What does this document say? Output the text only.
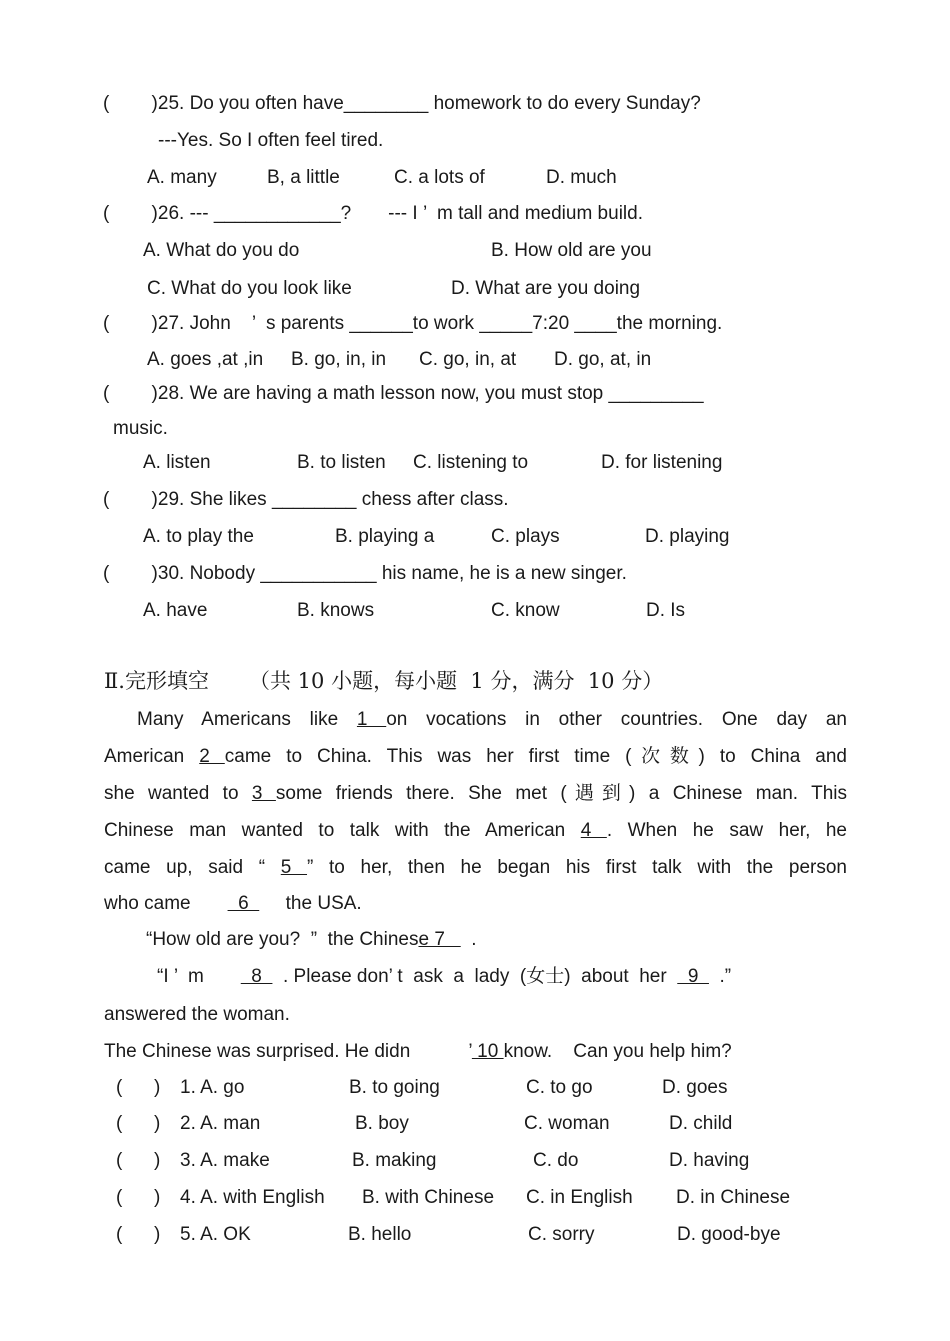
(        )25. Do you often have________ homework to do every Sunday?
---Yes. So I often feel tired.
A. many	B, a little	C. a lots of	D. much
(        )26. --- ____________?       --- I ’  m tall and medium build.
A. What do you do	B. How old are you
C. What do you look like	D. What are you doing
(        )27. John    ’  s parents ______to work _____7:20 ____the morning.
A. goes ,at ,in B. go, in, in C. go, in, at D. go, at, in
(        )28. We are having a math lesson now, you must stop _________
music.
A. listen	B. to listen C. listening to	D. for listening
(        )29. She likes ________ chess after class.
A. to play the	B. playing a	C. plays	D. playing
(        )30. Nobody ___________ his name, he is a new singer.
A. have	B. knows	C. know	D. Is
Ⅱ.完形填空      （共 10 小题，每小题  1 分，满分  10 分）
Many Americans like 1 on vocations in other countries. One day an
American 2 came to China. This was her first time (次数) to China and
she wanted to 3 some friends there. She met (遇到) a Chinese man. This
Chinese man wanted to talk with the American 4 . When he saw her, he
came up, said “ 5 ” to her, then he began his first talk with the person
who came         6       the USA.
“How old are you?  ”  the Chinese 7     .
“I ’  m         8    . Please don’ t  ask  a  lady  (女士)  about  her    9    .”
answered the woman.
The Chinese was surprised. He didn	’ 10 know.    Can you help him?
(      ) 1. A. go	B. to going	C. to go	D. goes
(      ) 2. A. man	B. boy	C. woman	D. child
(      ) 3. A. make	B. making	C. do	D. having
(      ) 4. A. with English B. with Chinese C. in English D. in Chinese
(      ) 5. A. OK	B. hello	C. sorry	D. good-bye
